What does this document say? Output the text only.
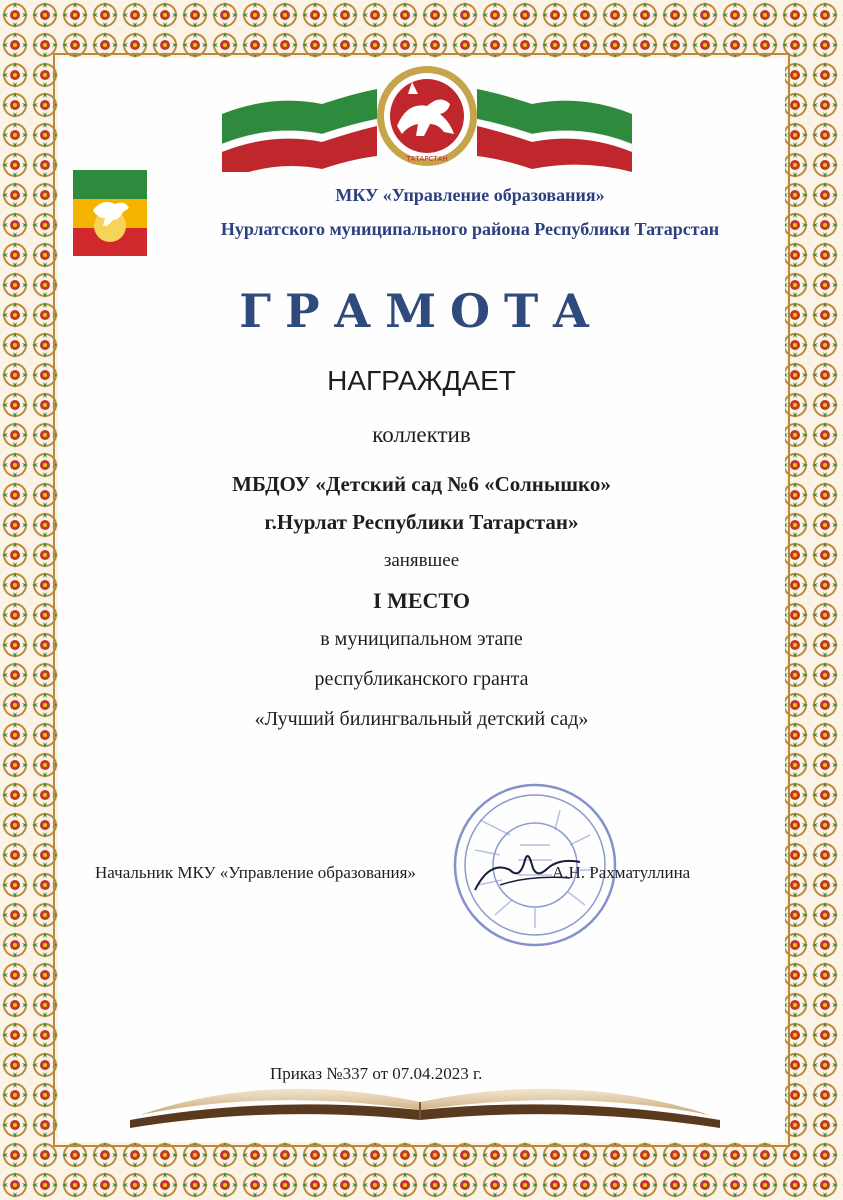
ТАТАРСТАН
МКУ «Управление образования»
Нурлатского муниципального района Республики Татарстан
ГРАМОТА
НАГРАЖДАЕТ
коллектив
МБДОУ «Детский сад №6 «Солнышко»
г.Нурлат Республики Татарстан»
занявшее
I МЕСТО
в муниципальном этапе
республиканского гранта
«Лучший билингвальный детский сад»
Начальник МКУ «Управление образования»	А.Н. Рахматуллина
Приказ №337 от 07.04.2023 г.
